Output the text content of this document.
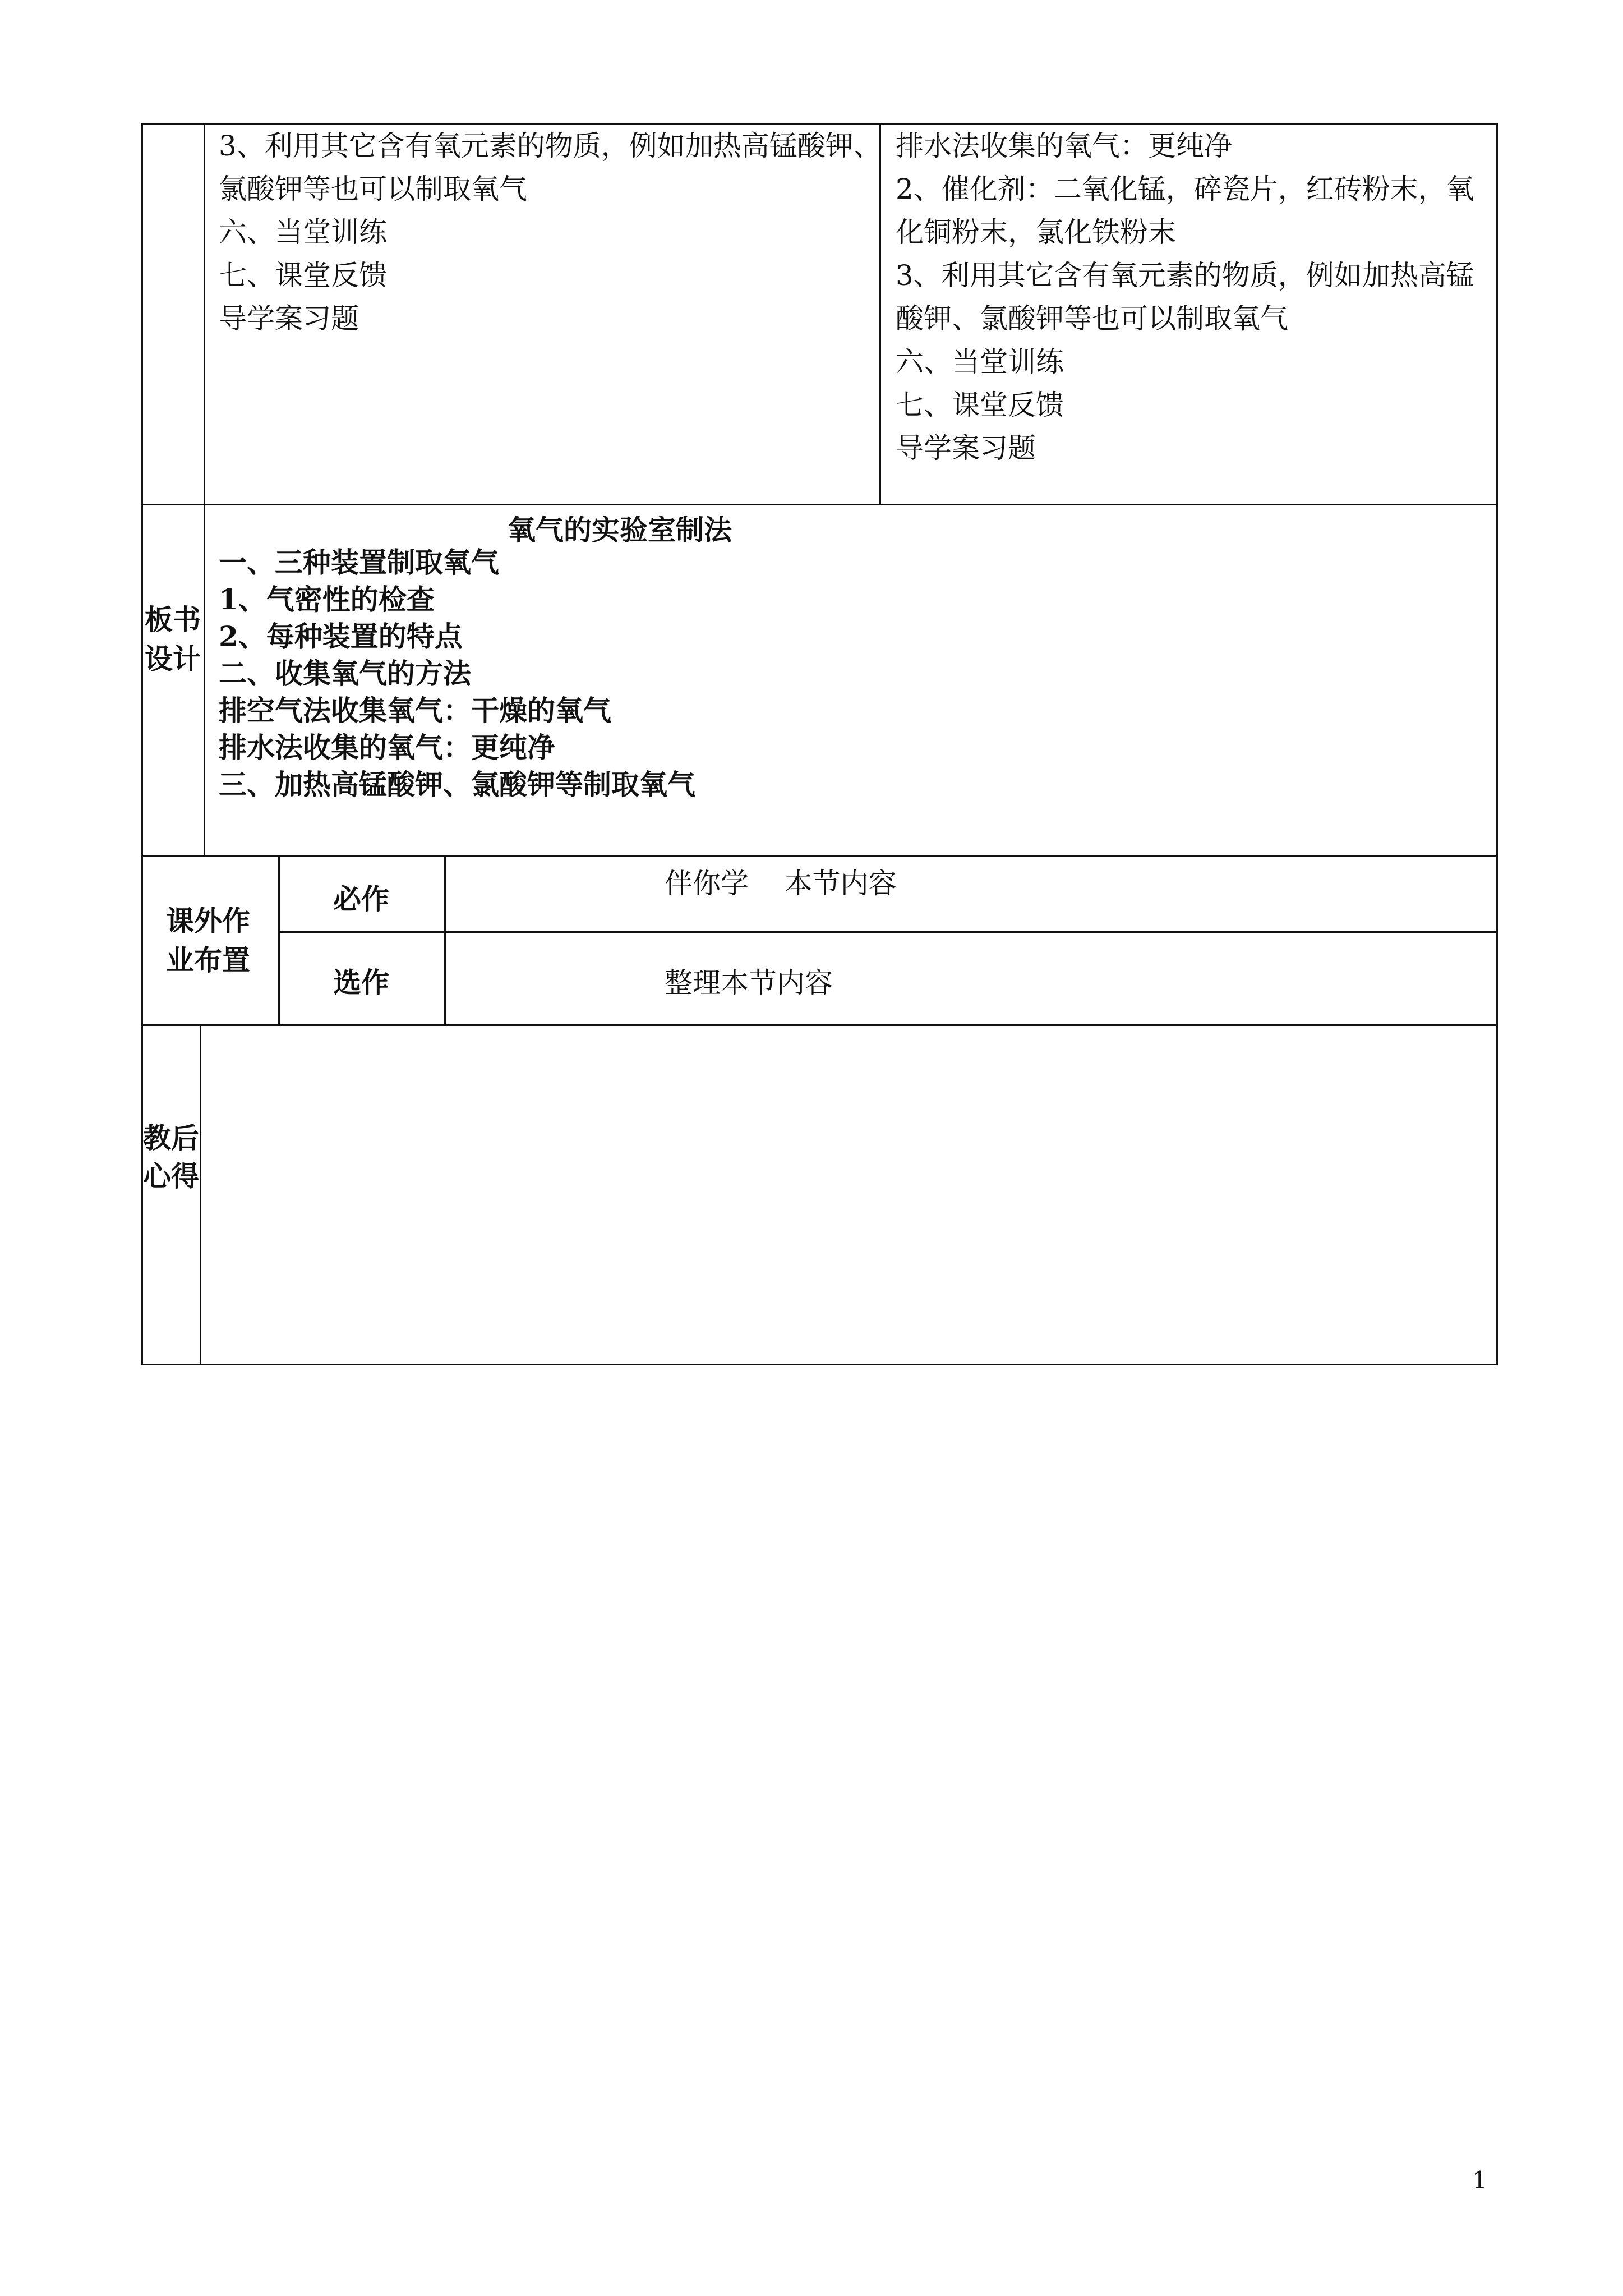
3、利用其它含有氧元素的物质，例如加热高锰酸钾、
氯酸钾等也可以制取氧气
六、当堂训练
七、课堂反馈
导学案习题
排水法收集的氧气：更纯净
2、催化剂：二氧化锰，碎瓷片，红砖粉末，氧
化铜粉末，氯化铁粉末
3、利用其它含有氧元素的物质，例如加热高锰
酸钾、氯酸钾等也可以制取氧气
六、当堂训练
七、课堂反馈
导学案习题
板书设计
氧气的实验室制法
一、三种装置制取氧气
1、气密性的检查
2、每种装置的特点
二、收集氧气的方法
排空气法收集氧气：干燥的氧气
排水法收集的氧气：更纯净
三、加热高锰酸钾、氯酸钾等制取氧气
课外作
业布置
必作	伴你学    本节内容
选作	整理本节内容
教后心得
1
